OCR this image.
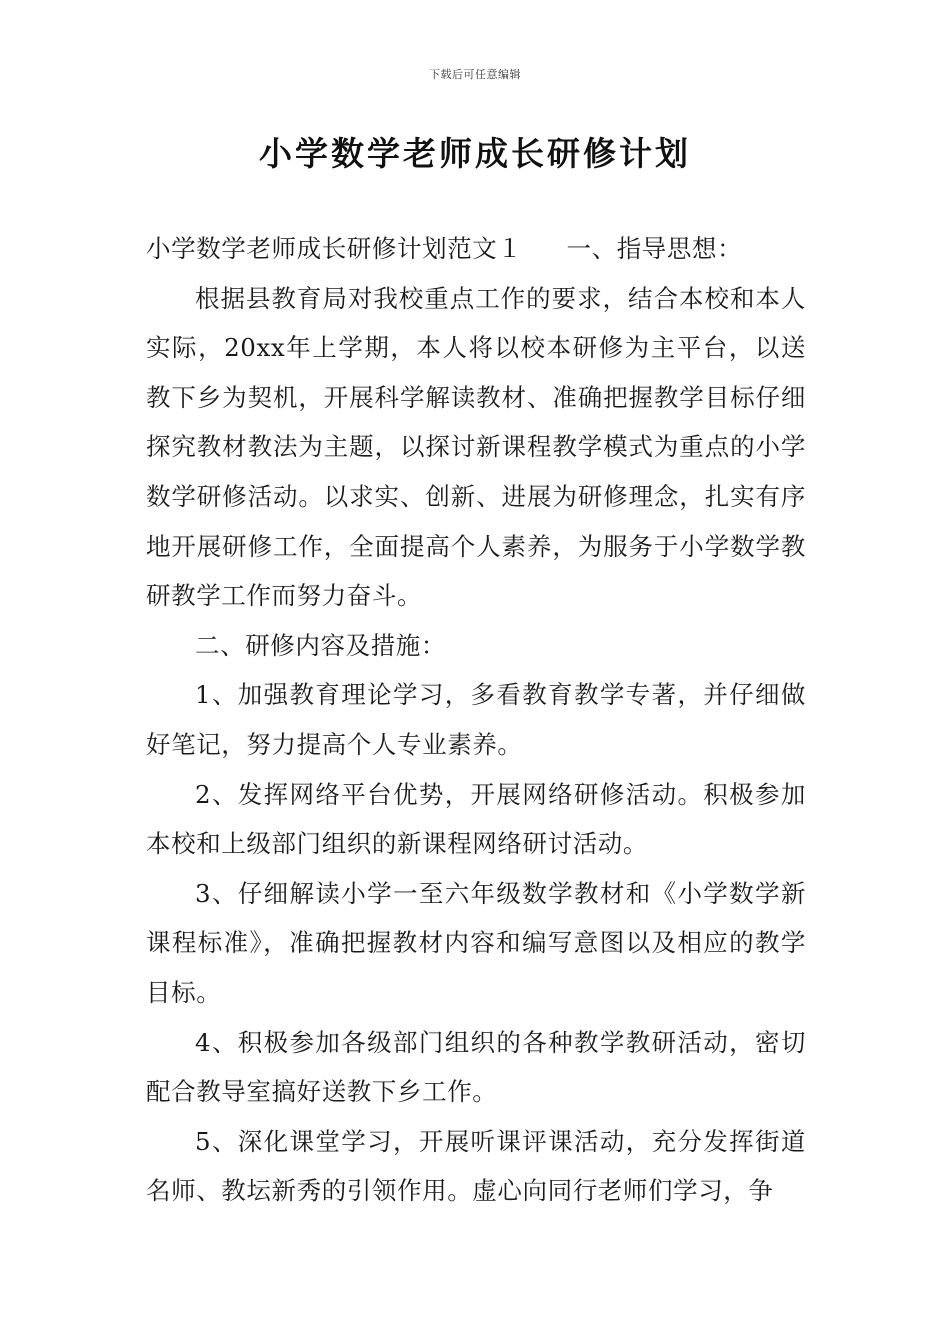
下载后可任意编辑
小学数学老师成长研修计划

小学数学老师成长研修计划范文１ 一、指导思想：

根据县教育局对我校重点工作的要求，结合本校和本人实际，20xx年上学期，本人将以校本研修为主平台，以送教下乡为契机，开展科学解读教材、准确把握教学目标仔细探究教材教法为主题，以探讨新课程教学模式为重点的小学数学研修活动。以求实、创新、进展为研修理念，扎实有序地开展研修工作，全面提高个人素养，为服务于小学数学教研教学工作而努力奋斗。

二、研修内容及措施：

1、加强教育理论学习，多看教育教学专著，并仔细做好笔记，努力提高个人专业素养。

2、发挥网络平台优势，开展网络研修活动。积极参加本校和上级部门组织的新课程网络研讨活动。

3、仔细解读小学一至六年级数学教材和《小学数学新课程标准》，准确把握教材内容和编写意图以及相应的教学目标。

4、积极参加各级部门组织的各种教学教研活动，密切配合教导室搞好送教下乡工作。

5、深化课堂学习，开展听课评课活动，充分发挥街道名师、教坛新秀的引领作用。虚心向同行老师们学习，争
